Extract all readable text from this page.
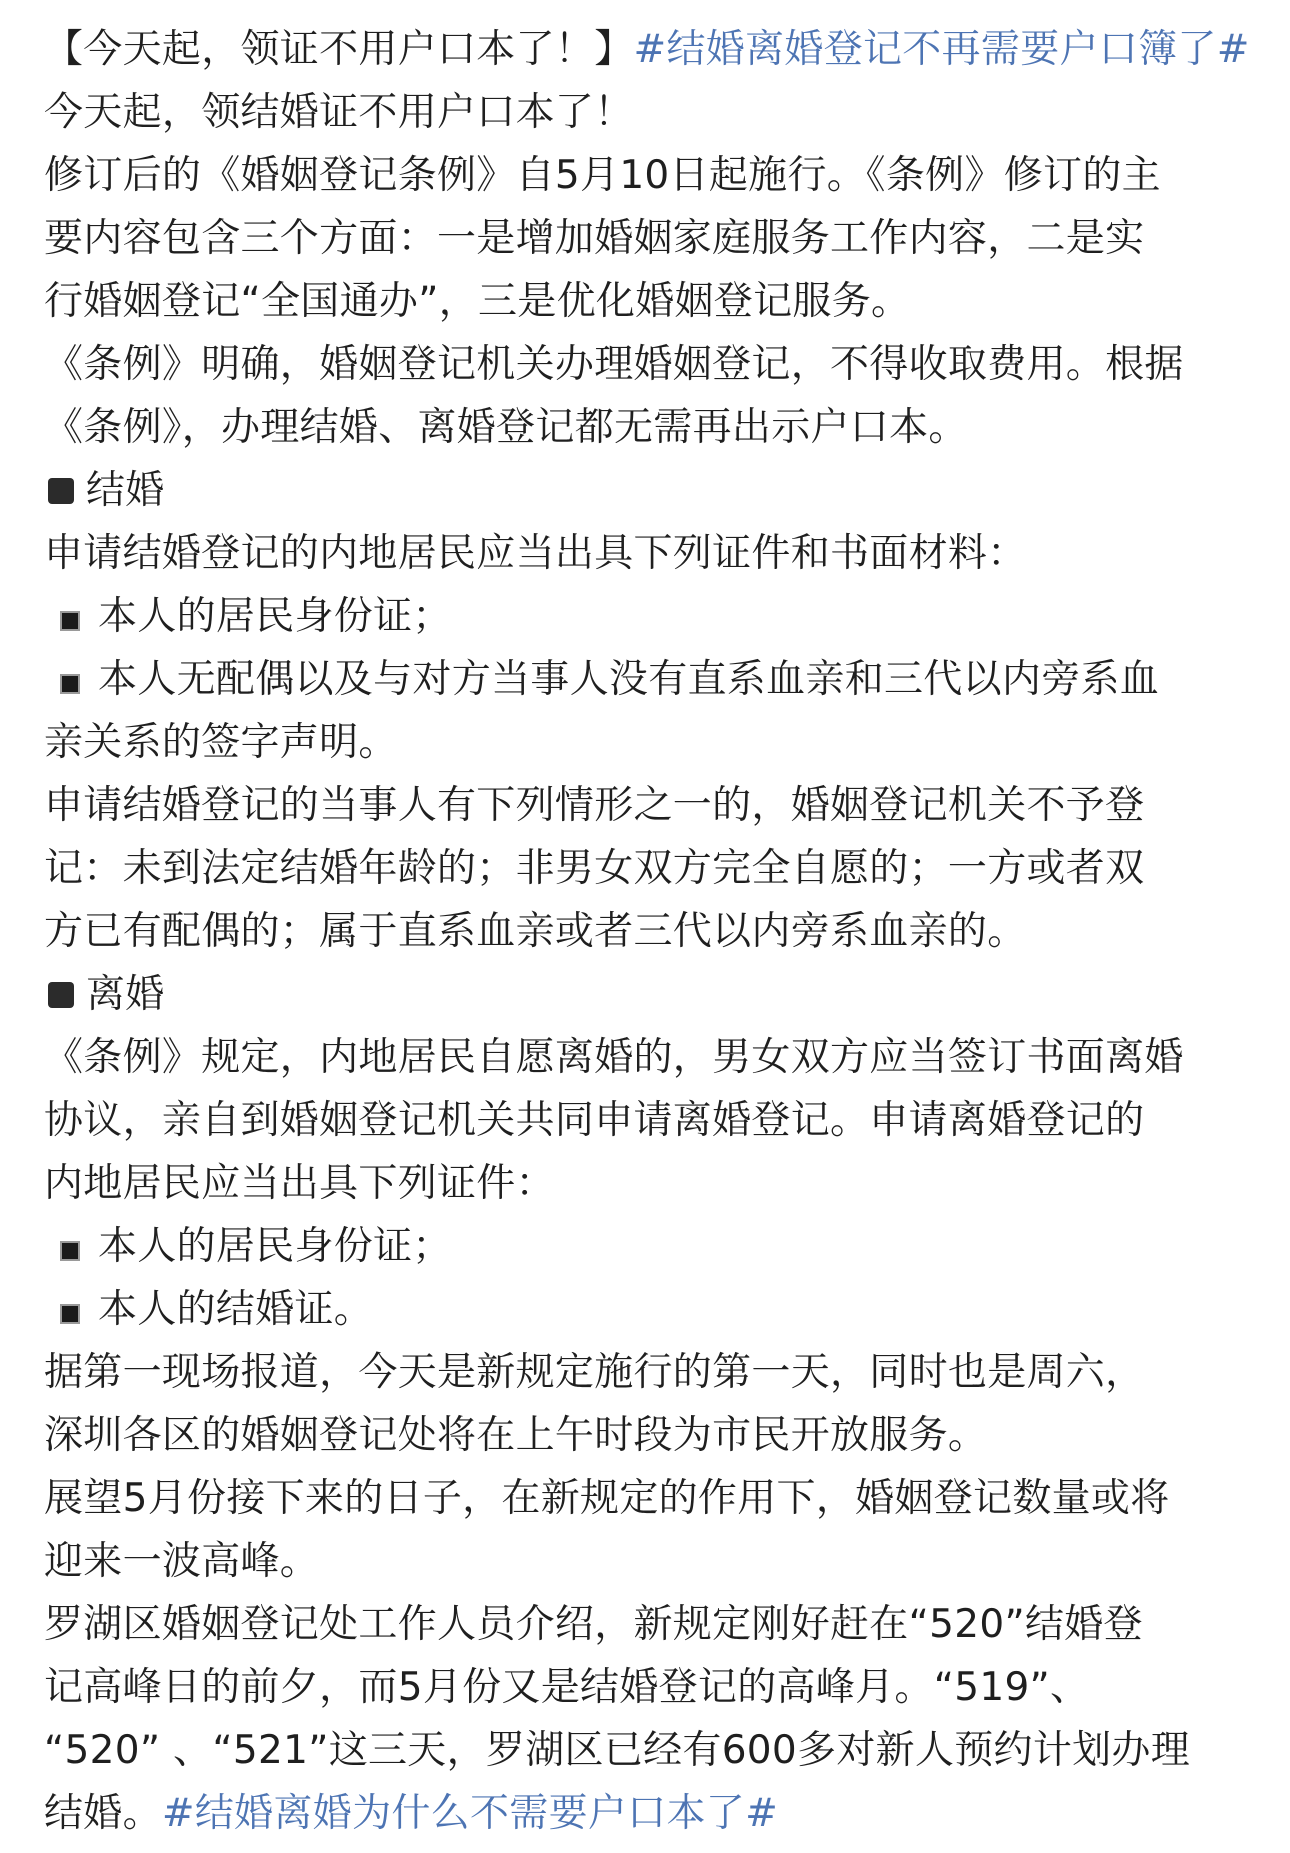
【今天起，领证不用户口本了！】#结婚离婚登记不再需要户口簿了#

今天起，领结婚证不用户口本了！

修订后的《婚姻登记条例》自5月10日起施行。《条例》修订的主

要内容包含三个方面：一是增加婚姻家庭服务工作内容，二是实

行婚姻登记“全国通办”，三是优化婚姻登记服务。

《条例》明确，婚姻登记机关办理婚姻登记，不得收取费用。根据

《条例》，办理结婚、离婚登记都无需再出示户口本。

结婚

申请结婚登记的内地居民应当出具下列证件和书面材料：

本人的居民身份证；
本人无配偶以及与对方当事人没有直系血亲和三代以内旁系血

亲关系的签字声明。

申请结婚登记的当事人有下列情形之一的，婚姻登记机关不予登

记：未到法定结婚年龄的；非男女双方完全自愿的；一方或者双

方已有配偶的；属于直系血亲或者三代以内旁系血亲的。

离婚

《条例》规定，内地居民自愿离婚的，男女双方应当签订书面离婚

协议，亲自到婚姻登记机关共同申请离婚登记。申请离婚登记的

内地居民应当出具下列证件：

本人的居民身份证；
本人的结婚证。

据第一现场报道，今天是新规定施行的第一天，同时也是周六，

深圳各区的婚姻登记处将在上午时段为市民开放服务。

展望5月份接下来的日子，在新规定的作用下，婚姻登记数量或将

迎来一波高峰。

罗湖区婚姻登记处工作人员介绍，新规定刚好赶在“520”结婚登

记高峰日的前夕，而5月份又是结婚登记的高峰月。“519”、

“520” 、“521”这三天，罗湖区已经有600多对新人预约计划办理

结婚。#结婚离婚为什么不需要户口本了#
